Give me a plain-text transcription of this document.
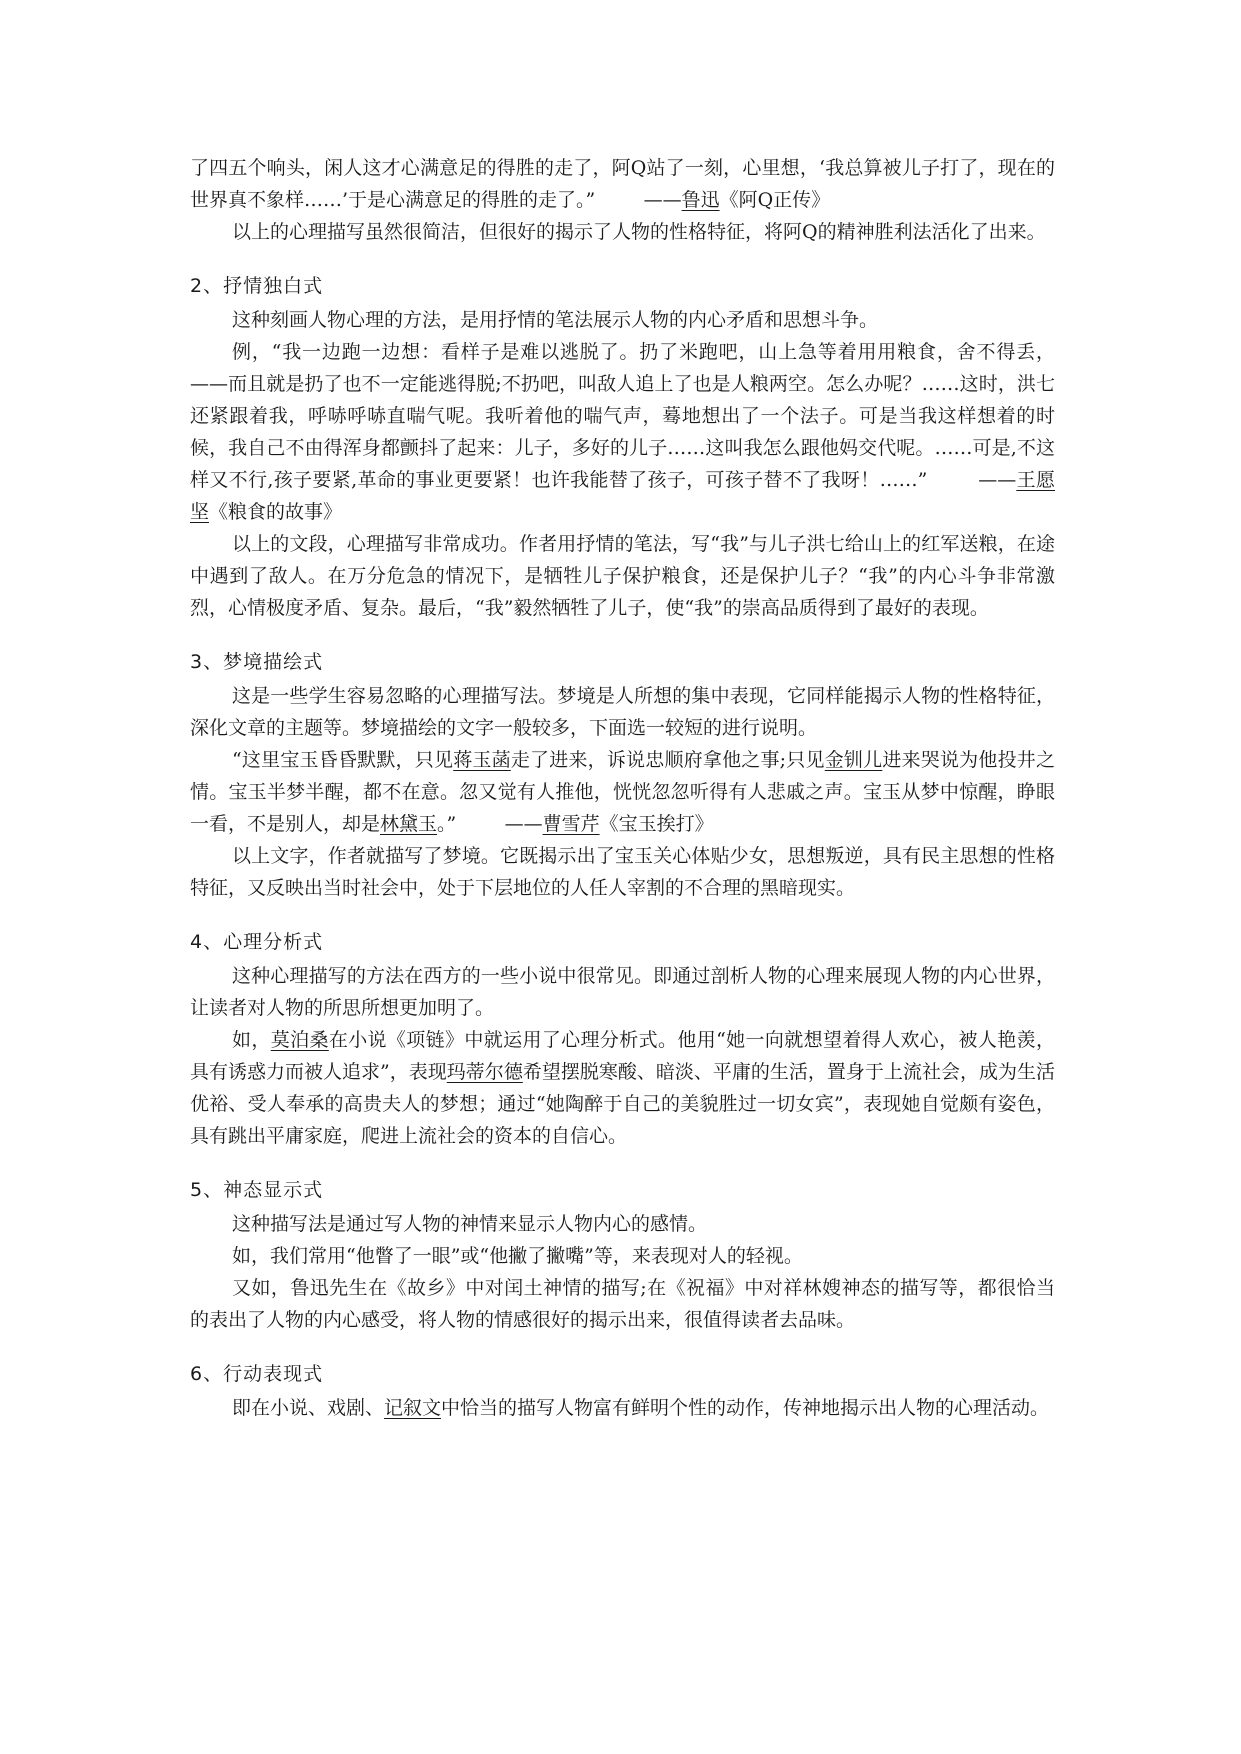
了四五个响头，闲人这才心满意足的得胜的走了，阿Q站了一刻，心里想，‘我总算被儿子打了，现在的世界真不象样……’于是心满意足的得胜的走了。”        ——鲁迅《阿Q正传》

以上的心理描写虽然很简洁，但很好的揭示了人物的性格特征，将阿Q的精神胜利法活化了出来。

2、抒情独白式

这种刻画人物心理的方法，是用抒情的笔法展示人物的内心矛盾和思想斗争。

例，“我一边跑一边想：看样子是难以逃脱了。扔了米跑吧，山上急等着用用粮食，舍不得丢，——而且就是扔了也不一定能逃得脱;不扔吧，叫敌人追上了也是人粮两空。怎么办呢？……这时，洪七还紧跟着我，呼哧呼哧直喘气呢。我听着他的喘气声，蓦地想出了一个法子。可是当我这样想着的时候，我自己不由得浑身都颤抖了起来：儿子，多好的儿子……这叫我怎么跟他妈交代呢。……可是,不这样又不行,孩子要紧,革命的事业更要紧！也许我能替了孩子，可孩子替不了我呀！……”        ——王愿坚《粮食的故事》

以上的文段，心理描写非常成功。作者用抒情的笔法，写“我”与儿子洪七给山上的红军送粮，在途中遇到了敌人。在万分危急的情况下，是牺牲儿子保护粮食，还是保护儿子？“我”的内心斗争非常激烈，心情极度矛盾、复杂。最后，“我”毅然牺牲了儿子，使“我”的崇高品质得到了最好的表现。

3、梦境描绘式

这是一些学生容易忽略的心理描写法。梦境是人所想的集中表现，它同样能揭示人物的性格特征，深化文章的主题等。梦境描绘的文字一般较多，下面选一较短的进行说明。

“这里宝玉昏昏默默，只见蒋玉菡走了进来，诉说忠顺府拿他之事;只见金钏儿进来哭说为他投井之情。宝玉半梦半醒，都不在意。忽又觉有人推他，恍恍忽忽听得有人悲戚之声。宝玉从梦中惊醒，睁眼一看，不是别人，却是林黛玉。”        ——曹雪芹《宝玉挨打》

以上文字，作者就描写了梦境。它既揭示出了宝玉关心体贴少女，思想叛逆，具有民主思想的性格特征，又反映出当时社会中，处于下层地位的人任人宰割的不合理的黑暗现实。

4、心理分析式

这种心理描写的方法在西方的一些小说中很常见。即通过剖析人物的心理来展现人物的内心世界，让读者对人物的所思所想更加明了。

如，莫泊桑在小说《项链》中就运用了心理分析式。他用“她一向就想望着得人欢心，被人艳羡，具有诱惑力而被人追求”，表现玛蒂尔德希望摆脱寒酸、暗淡、平庸的生活，置身于上流社会，成为生活优裕、受人奉承的高贵夫人的梦想；通过“她陶醉于自己的美貌胜过一切女宾”，表现她自觉颇有姿色，具有跳出平庸家庭，爬进上流社会的资本的自信心。

5、神态显示式

这种描写法是通过写人物的神情来显示人物内心的感情。

如，我们常用“他瞥了一眼”或“他撇了撇嘴”等，来表现对人的轻视。

又如，鲁迅先生在《故乡》中对闰土神情的描写;在《祝福》中对祥林嫂神态的描写等，都很恰当的表出了人物的内心感受，将人物的情感很好的揭示出来，很值得读者去品味。

6、行动表现式

即在小说、戏剧、记叙文中恰当的描写人物富有鲜明个性的动作，传神地揭示出人物的心理活动。
